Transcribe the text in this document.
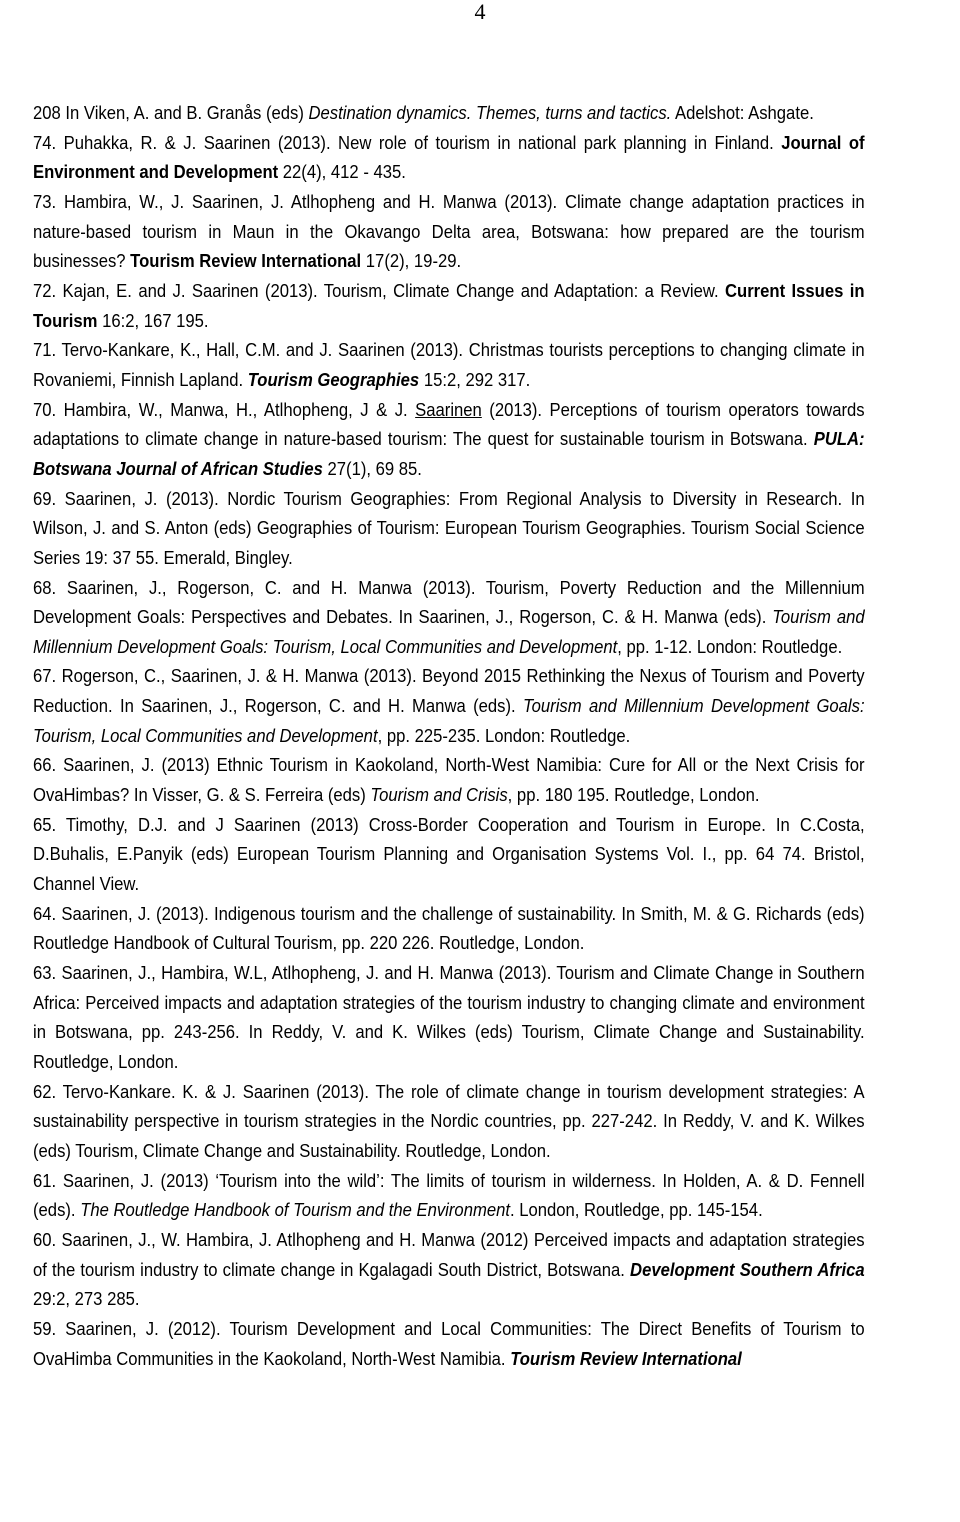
4

208 In Viken, A. and B. Granås (eds) Destination dynamics. Themes, turns and tactics. Adelshot: Ashgate.

74. Puhakka, R. & J. Saarinen (2013). New role of tourism in national park planning in Finland. Journal of Environment and Development 22(4), 412 - 435.

73. Hambira, W., J. Saarinen, J. Atlhopheng and H. Manwa (2013). Climate change adaptation practices in nature-based tourism in Maun in the Okavango Delta area, Botswana: how prepared are the tourism businesses? Tourism Review International 17(2), 19-29.

72. Kajan, E. and J. Saarinen (2013). Tourism, Climate Change and Adaptation: a Review. Current Issues in Tourism 16:2, 167 195.

71. Tervo-Kankare, K., Hall, C.M. and J. Saarinen (2013). Christmas tourists perceptions to changing climate in Rovaniemi, Finnish Lapland. Tourism Geographies 15:2, 292 317.

70. Hambira, W., Manwa, H., Atlhopheng, J & J. Saarinen (2013). Perceptions of tourism operators towards adaptations to climate change in nature-based tourism: The quest for sustainable tourism in Botswana. PULA: Botswana Journal of African Studies 27(1), 69 85.

69. Saarinen, J. (2013). Nordic Tourism Geographies: From Regional Analysis to Diversity in Research. In Wilson, J. and S. Anton (eds) Geographies of Tourism: European Tourism Geographies. Tourism Social Science Series 19: 37 55. Emerald, Bingley.

68. Saarinen, J., Rogerson, C. and H. Manwa (2013). Tourism, Poverty Reduction and the Millennium Development Goals: Perspectives and Debates. In Saarinen, J., Rogerson, C. & H. Manwa (eds). Tourism and Millennium Development Goals: Tourism, Local Communities and Development, pp. 1-12. London: Routledge.

67. Rogerson, C., Saarinen, J. & H. Manwa (2013). Beyond 2015 Rethinking the Nexus of Tourism and Poverty Reduction. In Saarinen, J., Rogerson, C. and H. Manwa (eds). Tourism and Millennium Development Goals: Tourism, Local Communities and Development, pp. 225-235. London: Routledge.

66. Saarinen, J. (2013) Ethnic Tourism in Kaokoland, North-West Namibia: Cure for All or the Next Crisis for OvaHimbas? In Visser, G. & S. Ferreira (eds) Tourism and Crisis, pp. 180 195. Routledge, London.

65. Timothy, D.J. and J Saarinen (2013) Cross-Border Cooperation and Tourism in Europe. In C.Costa, D.Buhalis, E.Panyik (eds) European Tourism Planning and Organisation Systems Vol. I., pp. 64 74. Bristol, Channel View.

64. Saarinen, J. (2013). Indigenous tourism and the challenge of sustainability. In Smith, M. & G. Richards (eds) Routledge Handbook of Cultural Tourism, pp. 220 226. Routledge, London.

63. Saarinen, J., Hambira, W.L, Atlhopheng, J. and H. Manwa (2013). Tourism and Climate Change in Southern Africa: Perceived impacts and adaptation strategies of the tourism industry to changing climate and environment in Botswana, pp. 243-256. In Reddy, V. and K. Wilkes (eds) Tourism, Climate Change and Sustainability. Routledge, London.

62. Tervo-Kankare. K. & J. Saarinen (2013). The role of climate change in tourism development strategies: A sustainability perspective in tourism strategies in the Nordic countries, pp. 227-242. In Reddy, V. and K. Wilkes (eds) Tourism, Climate Change and Sustainability. Routledge, London.

61. Saarinen, J. (2013) ‘Tourism into the wild’: The limits of tourism in wilderness. In Holden, A. & D. Fennell (eds). The Routledge Handbook of Tourism and the Environment. London, Routledge, pp. 145-154.

60. Saarinen, J., W. Hambira, J. Atlhopheng and H. Manwa (2012) Perceived impacts and adaptation strategies of the tourism industry to climate change in Kgalagadi South District, Botswana. Development Southern Africa 29:2, 273 285.

59. Saarinen, J. (2012). Tourism Development and Local Communities: The Direct Benefits of Tourism to OvaHimba Communities in the Kaokoland, North-West Namibia. Tourism Review International
